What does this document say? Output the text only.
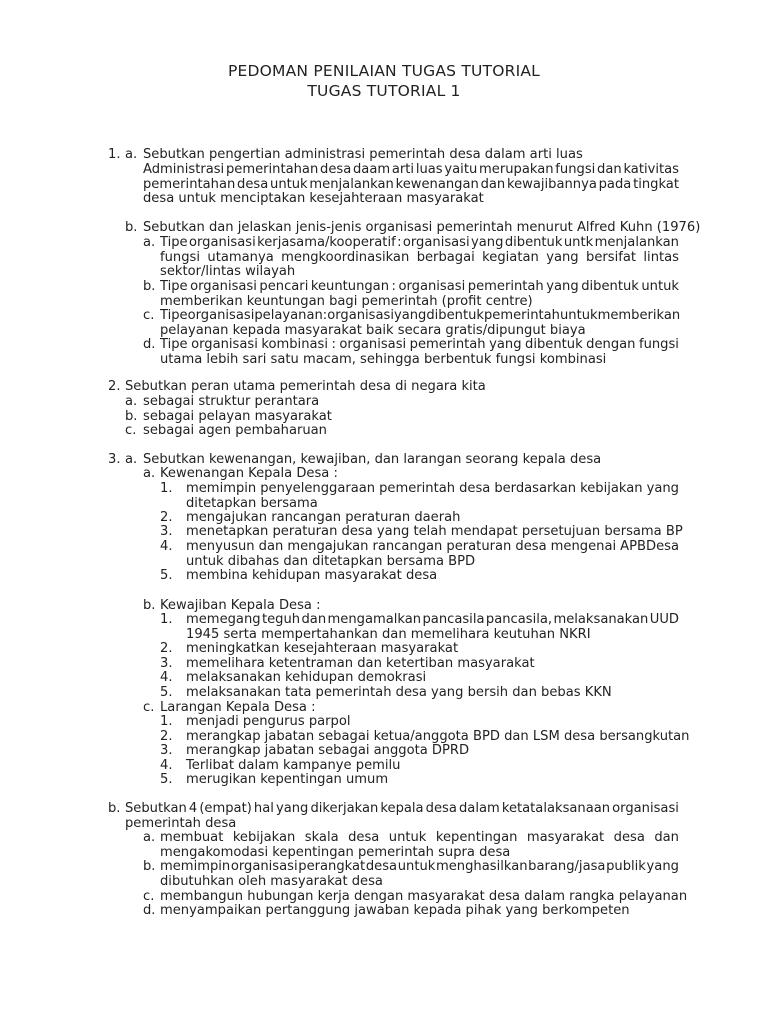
PEDOMAN PENILAIAN TUGAS TUTORIAL
TUGAS TUTORIAL 1
1. a. Sebutkan pengertian administrasi pemerintah desa dalam arti luas
Administrasi pemerintahan desa daam arti luas yaitu merupakan fungsi dan kativitas
pemerintahan desa untuk menjalankan kewenangan dan kewajibannya pada tingkat
desa untuk menciptakan kesejahteraan masyarakat
b. Sebutkan dan jelaskan jenis-jenis organisasi pemerintah menurut Alfred Kuhn (1976)
a. Tipe organisasi kerjasama/kooperatif : organisasi yang dibentuk untk menjalankan
fungsi utamanya mengkoordinasikan berbagai kegiatan yang bersifat lintas
sektor/lintas wilayah
b. Tipe organisasi pencari keuntungan : organisasi pemerintah yang dibentuk untuk
memberikan keuntungan bagi pemerintah (profit centre)
c. Tipe organisasi pelayanan : organisasi yang dibentuk pemerintah untuk memberikan
pelayanan kepada masyarakat baik secara gratis/dipungut biaya
d. Tipe organisasi kombinasi : organisasi pemerintah yang dibentuk dengan fungsi
utama lebih sari satu macam, sehingga berbentuk fungsi kombinasi
2. Sebutkan peran utama pemerintah desa di negara kita
a. sebagai struktur perantara
b. sebagai pelayan masyarakat
c. sebagai agen pembaharuan
3. a. Sebutkan kewenangan, kewajiban, dan larangan seorang kepala desa
a. Kewenangan Kepala Desa :
1. memimpin penyelenggaraan pemerintah desa berdasarkan kebijakan yang
ditetapkan bersama
2. mengajukan rancangan peraturan daerah
3. menetapkan peraturan desa yang telah mendapat persetujuan bersama BP
4. menyusun dan mengajukan rancangan peraturan desa mengenai APBDesa
untuk dibahas dan ditetapkan bersama BPD
5. membina kehidupan masyarakat desa
b. Kewajiban Kepala Desa :
1. memegang teguh dan mengamalkan pancasila pancasila, melaksanakan UUD
1945 serta mempertahankan dan memelihara keutuhan NKRI
2. meningkatkan kesejahteraan masyarakat
3. memelihara ketentraman dan ketertiban masyarakat
4. melaksanakan kehidupan demokrasi
5. melaksanakan tata pemerintah desa yang bersih dan bebas KKN
c. Larangan Kepala Desa :
1. menjadi pengurus parpol
2. merangkap jabatan sebagai ketua/anggota BPD dan LSM desa bersangkutan
3. merangkap jabatan sebagai anggota DPRD
4. Terlibat dalam kampanye pemilu
5. merugikan kepentingan umum
b. Sebutkan 4 (empat) hal yang dikerjakan kepala desa dalam ketatalaksanaan organisasi
pemerintah desa
a. membuat kebijakan skala desa untuk kepentingan masyarakat desa dan
mengakomodasi kepentingan pemerintah supra desa
b. memimpin organisasi perangkat desa untuk menghasilkan barang/jasa publik yang
dibutuhkan oleh masyarakat desa
c. membangun hubungan kerja dengan masyarakat desa dalam rangka pelayanan
d. menyampaikan pertanggung jawaban kepada pihak yang berkompeten
